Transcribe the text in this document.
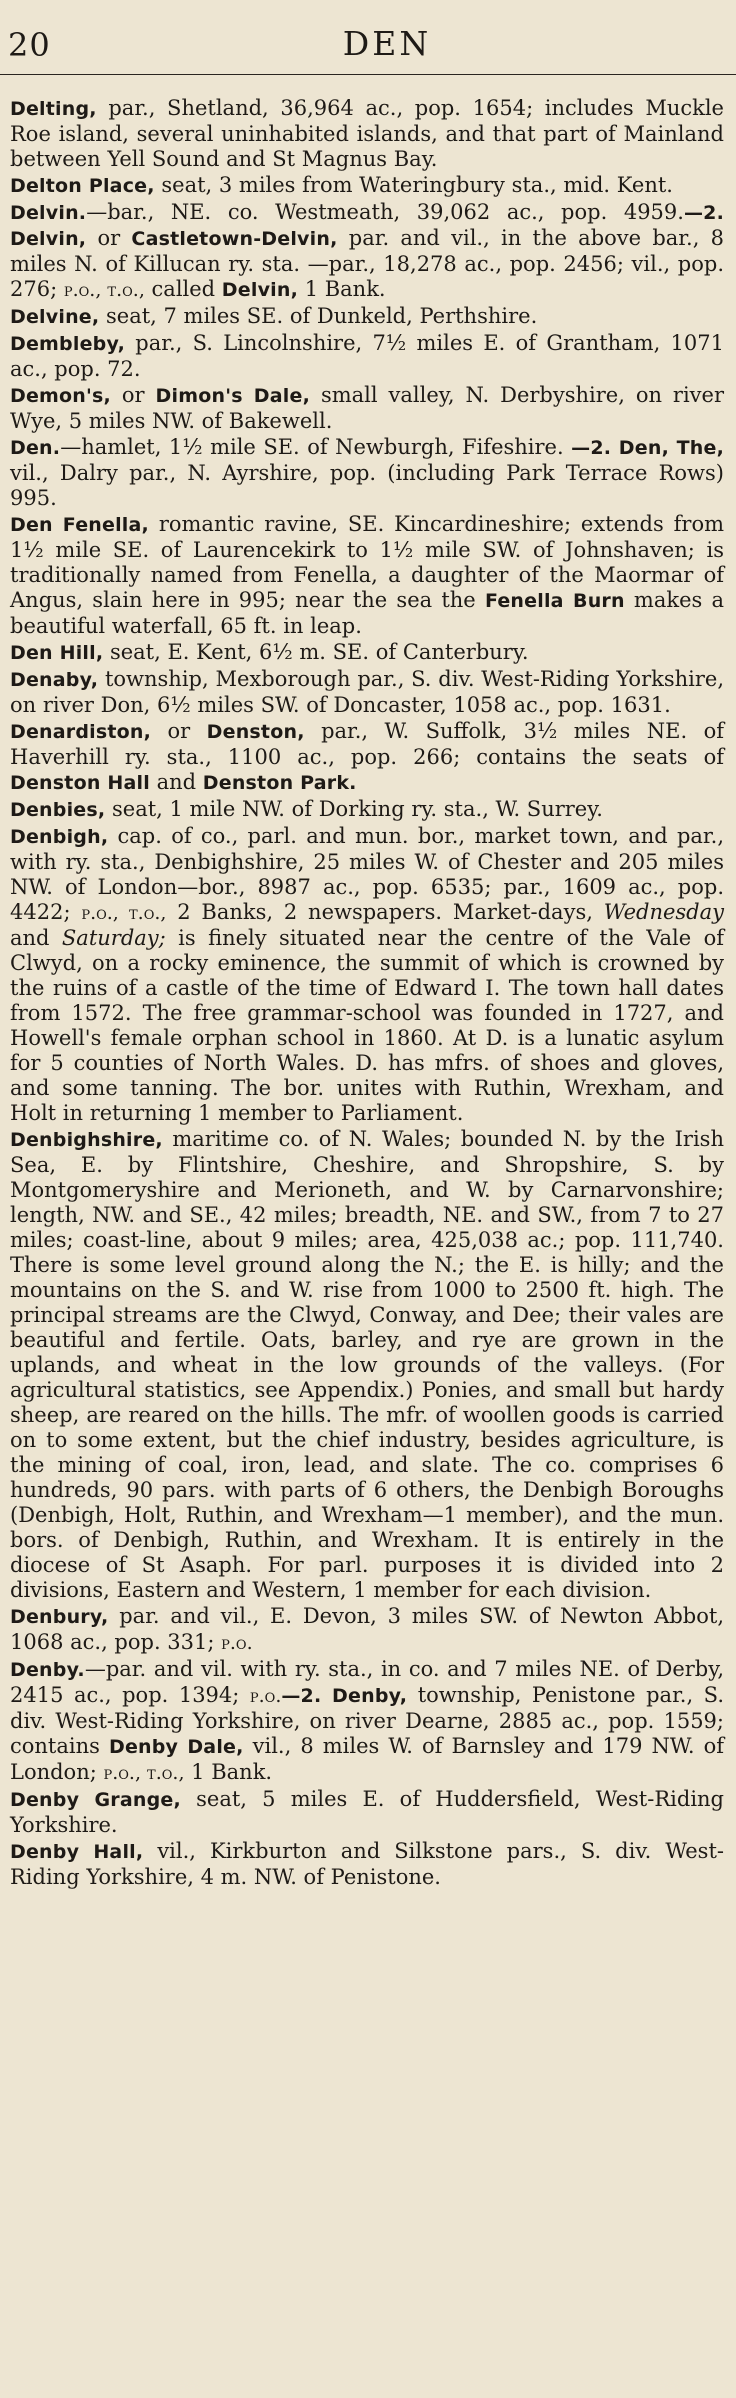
20	DEN

Delting, par., Shetland, 36,964 ac., pop. 1654; includes Muckle Roe island, several uninhabited islands, and that part of Mainland between Yell Sound and St Magnus Bay.

Delton Place, seat, 3 miles from Wateringbury sta., mid. Kent.

Delvin.—bar., NE. co. Westmeath, 39,062 ac., pop. 4959.—2. Delvin, or Castletown-Delvin, par. and vil., in the above bar., 8 miles N. of Killucan ry. sta. —par., 18,278 ac., pop. 2456; vil., pop. 276; p.o., t.o., called Delvin, 1 Bank.

Delvine, seat, 7 miles SE. of Dunkeld, Perthshire.

Dembleby, par., S. Lincolnshire, 7½ miles E. of Grantham, 1071 ac., pop. 72.

Demon's, or Dimon's Dale, small valley, N. Derbyshire, on river Wye, 5 miles NW. of Bakewell.

Den.—hamlet, 1½ mile SE. of Newburgh, Fifeshire. —2. Den, The, vil., Dalry par., N. Ayrshire, pop. (including Park Terrace Rows) 995.

Den Fenella, romantic ravine, SE. Kincardineshire; extends from 1½ mile SE. of Laurencekirk to 1½ mile SW. of Johnshaven; is traditionally named from Fenella, a daughter of the Maormar of Angus, slain here in 995; near the sea the Fenella Burn makes a beautiful waterfall, 65 ft. in leap.

Den Hill, seat, E. Kent, 6½ m. SE. of Canterbury.

Denaby, township, Mexborough par., S. div. West-Riding Yorkshire, on river Don, 6½ miles SW. of Doncaster, 1058 ac., pop. 1631.

Denardiston, or Denston, par., W. Suffolk, 3½ miles NE. of Haverhill ry. sta., 1100 ac., pop. 266; contains the seats of Denston Hall and Denston Park.

Denbies, seat, 1 mile NW. of Dorking ry. sta., W. Surrey.

Denbigh, cap. of co., parl. and mun. bor., market town, and par., with ry. sta., Denbighshire, 25 miles W. of Chester and 205 miles NW. of London—bor., 8987 ac., pop. 6535; par., 1609 ac., pop. 4422; p.o., t.o., 2 Banks, 2 newspapers. Market-days, Wednesday and Saturday; is finely situated near the centre of the Vale of Clwyd, on a rocky eminence, the summit of which is crowned by the ruins of a castle of the time of Edward I. The town hall dates from 1572. The free grammar-school was founded in 1727, and Howell's female orphan school in 1860. At D. is a lunatic asylum for 5 counties of North Wales. D. has mfrs. of shoes and gloves, and some tanning. The bor. unites with Ruthin, Wrexham, and Holt in returning 1 member to Parliament.

Denbighshire, maritime co. of N. Wales; bounded N. by the Irish Sea, E. by Flintshire, Cheshire, and Shropshire, S. by Montgomeryshire and Merioneth, and W. by Carnarvonshire; length, NW. and SE., 42 miles; breadth, NE. and SW., from 7 to 27 miles; coast-line, about 9 miles; area, 425,038 ac.; pop. 111,740. There is some level ground along the N.; the E. is hilly; and the mountains on the S. and W. rise from 1000 to 2500 ft. high. The principal streams are the Clwyd, Conway, and Dee; their vales are beautiful and fertile. Oats, barley, and rye are grown in the uplands, and wheat in the low grounds of the valleys. (For agricultural statistics, see Appendix.) Ponies, and small but hardy sheep, are reared on the hills. The mfr. of woollen goods is carried on to some extent, but the chief industry, besides agriculture, is the mining of coal, iron, lead, and slate. The co. comprises 6 hundreds, 90 pars. with parts of 6 others, the Denbigh Boroughs (Denbigh, Holt, Ruthin, and Wrexham—1 member), and the mun. bors. of Denbigh, Ruthin, and Wrexham. It is entirely in the diocese of St Asaph. For parl. purposes it is divided into 2 divisions, Eastern and Western, 1 member for each division.

Denbury, par. and vil., E. Devon, 3 miles SW. of Newton Abbot, 1068 ac., pop. 331; p.o.

Denby.—par. and vil. with ry. sta., in co. and 7 miles NE. of Derby, 2415 ac., pop. 1394; p.o.—2. Denby, township, Penistone par., S. div. West-Riding Yorkshire, on river Dearne, 2885 ac., pop. 1559; contains Denby Dale, vil., 8 miles W. of Barnsley and 179 NW. of London; p.o., t.o., 1 Bank.

Denby Grange, seat, 5 miles E. of Huddersfield, West-Riding Yorkshire.

Denby Hall, vil., Kirkburton and Silkstone pars., S. div. West-Riding Yorkshire, 4 m. NW. of Penistone.
